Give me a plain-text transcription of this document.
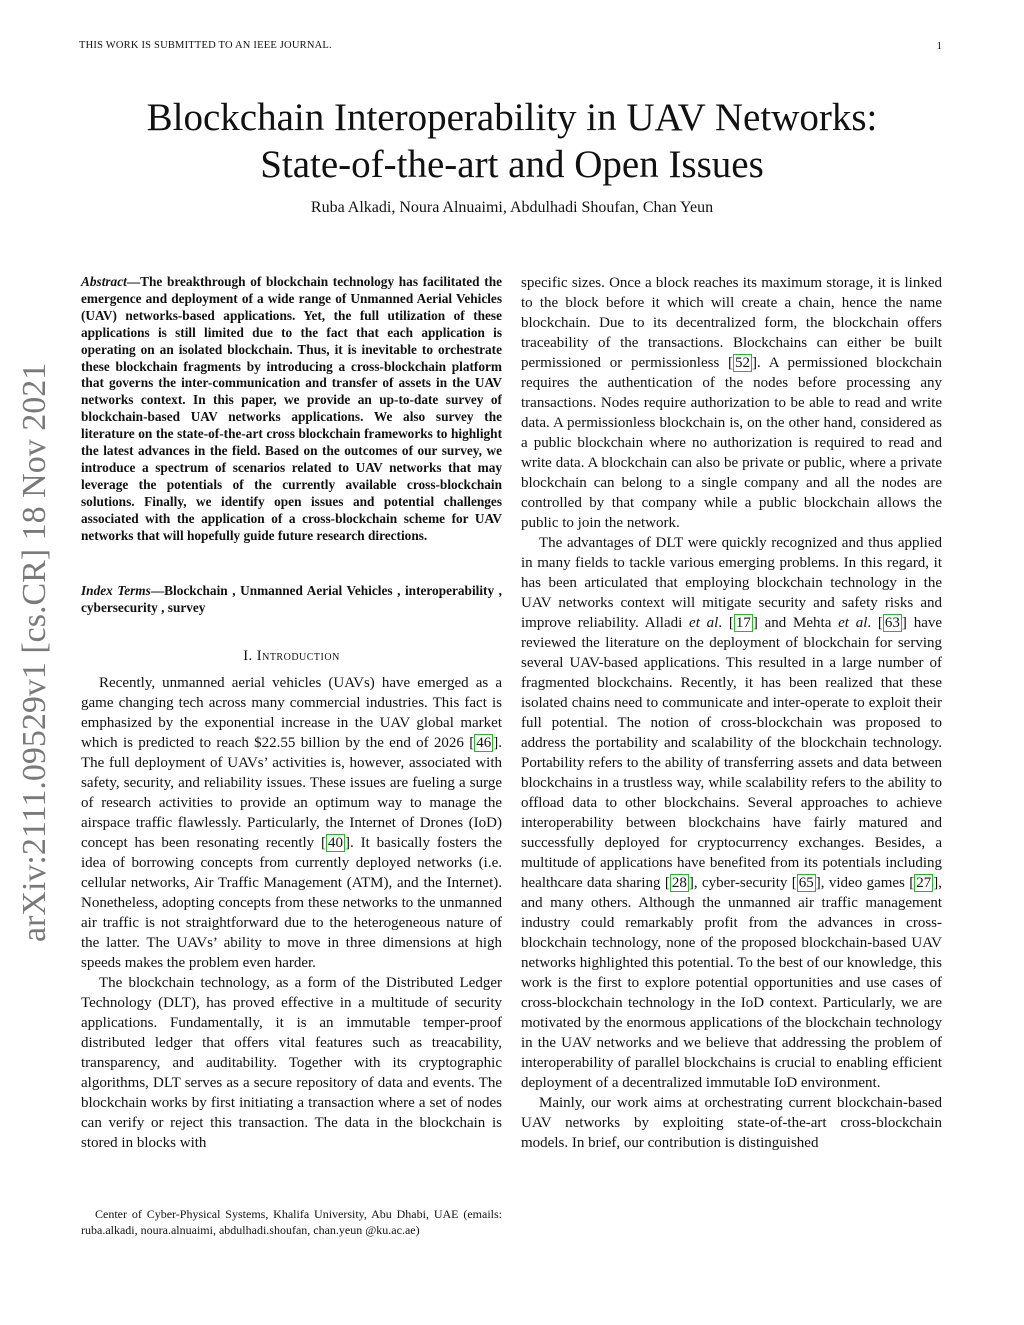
THIS WORK IS SUBMITTED TO AN IEEE JOURNAL.	1
Blockchain Interoperability in UAV Networks:
State-of-the-art and Open Issues
Ruba Alkadi, Noura Alnuaimi, Abdulhadi Shoufan, Chan Yeun
arXiv:2111.09529v1 [cs.CR] 18 Nov 2021
Abstract—The breakthrough of blockchain technology has facilitated the emergence and deployment of a wide range of Unmanned Aerial Vehicles (UAV) networks-based applications. Yet, the full utilization of these applications is still limited due to the fact that each application is operating on an isolated blockchain. Thus, it is inevitable to orchestrate these blockchain fragments by introducing a cross-blockchain platform that governs the inter-communication and transfer of assets in the UAV networks context. In this paper, we provide an up-to-date survey of blockchain-based UAV networks applications. We also survey the literature on the state-of-the-art cross blockchain frameworks to highlight the latest advances in the field. Based on the outcomes of our survey, we introduce a spectrum of scenarios related to UAV networks that may leverage the potentials of the currently available cross-blockchain solutions. Finally, we identify open issues and potential challenges associated with the application of a cross-blockchain scheme for UAV networks that will hopefully guide future research directions.
Index Terms—Blockchain , Unmanned Aerial Vehicles , interoperability , cybersecurity , survey
I. Introduction

Recently, unmanned aerial vehicles (UAVs) have emerged as a game changing tech across many commercial industries. This fact is emphasized by the exponential increase in the UAV global market which is predicted to reach $22.55 billion by the end of 2026 [ 46 ]. The full deployment of UAVs’ activities is, however, associated with safety, security, and reliability issues. These issues are fueling a surge of research activities to provide an optimum way to manage the airspace traffic flawlessly. Particularly, the Internet of Drones (IoD) concept has been resonating recently [ 40 ]. It basically fosters the idea of borrowing concepts from currently deployed networks (i.e. cellular networks, Air Traffic Management (ATM), and the Internet). Nonetheless, adopting concepts from these networks to the unmanned air traffic is not straightforward due to the heterogeneous nature of the latter. The UAVs’ ability to move in three dimensions at high speeds makes the problem even harder.

The blockchain technology, as a form of the Distributed Ledger Technology (DLT), has proved effective in a multitude of security applications. Fundamentally, it is an immutable temper-proof distributed ledger that offers vital features such as treacability, transparency, and auditability. Together with its cryptographic algorithms, DLT serves as a secure repository of data and events. The blockchain works by first initiating a transaction where a set of nodes can verify or reject this transaction. The data in the blockchain is stored in blocks with

Center of Cyber-Physical Systems, Khalifa University, Abu Dhabi, UAE (emails: ruba.alkadi, noura.alnuaimi, abdulhadi.shoufan, chan.yeun @ku.ac.ae)

specific sizes. Once a block reaches its maximum storage, it is linked to the block before it which will create a chain, hence the name blockchain. Due to its decentralized form, the blockchain offers traceability of the transactions. Blockchains can either be built permissioned or permissionless [ 52 ]. A permissioned blockchain requires the authentication of the nodes before processing any transactions. Nodes require authorization to be able to read and write data. A permissionless blockchain is, on the other hand, considered as a public blockchain where no authorization is required to read and write data. A blockchain can also be private or public, where a private blockchain can belong to a single company and all the nodes are controlled by that company while a public blockchain allows the public to join the network.

The advantages of DLT were quickly recognized and thus applied in many fields to tackle various emerging problems. In this regard, it has been articulated that employing blockchain technology in the UAV networks context will mitigate security and safety risks and improve reliability. Alladi et al. [ 17 ] and Mehta et al. [ 63 ] have reviewed the literature on the deployment of blockchain for serving several UAV-based applications. This resulted in a large number of fragmented blockchains. Recently, it has been realized that these isolated chains need to communicate and inter-operate to exploit their full potential. The notion of cross-blockchain was proposed to address the portability and scalability of the blockchain technology. Portability refers to the ability of transferring assets and data between blockchains in a trustless way, while scalability refers to the ability to offload data to other blockchains. Several approaches to achieve interoperability between blockchains have fairly matured and successfully deployed for cryptocurrency exchanges. Besides, a multitude of applications have benefited from its potentials including healthcare data sharing [ 28 ], cyber-security [ 65 ], video games [ 27 ], and many others. Although the unmanned air traffic management industry could remarkably profit from the advances in cross-blockchain technology, none of the proposed blockchain-based UAV networks highlighted this potential. To the best of our knowledge, this work is the first to explore potential opportunities and use cases of cross-blockchain technology in the IoD context. Particularly, we are motivated by the enormous applications of the blockchain technology in the UAV networks and we believe that addressing the problem of interoperability of parallel blockchains is crucial to enabling efficient deployment of a decentralized immutable IoD environment.

Mainly, our work aims at orchestrating current blockchain-based UAV networks by exploiting state-of-the-art cross-blockchain models. In brief, our contribution is distinguished
